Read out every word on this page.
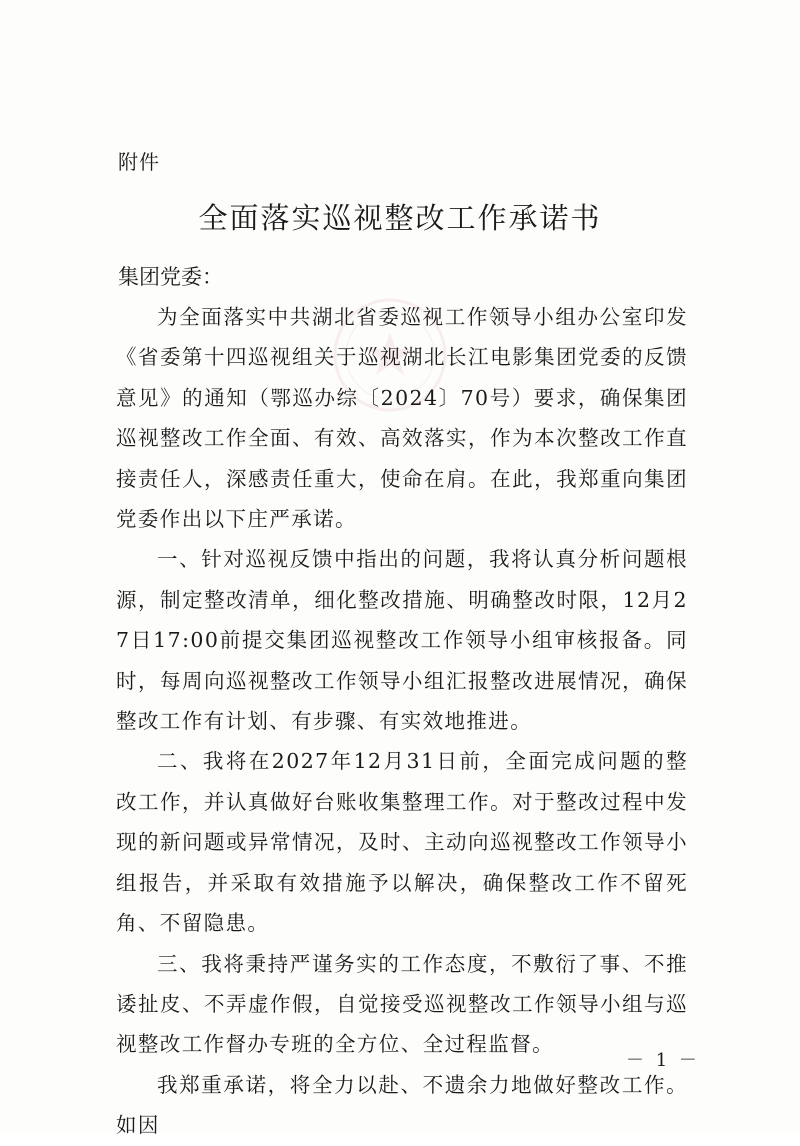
附件
全面落实巡视整改工作承诺书
集团党委：

为全面落实中共湖北省委巡视工作领导小组办公室印发《省委第十四巡视组关于巡视湖北长江电影集团党委的反馈意见》的通知（鄂巡办综〔2024〕70号）要求，确保集团巡视整改工作全面、有效、高效落实，作为本次整改工作直接责任人，深感责任重大，使命在肩。在此，我郑重向集团党委作出以下庄严承诺。

一、针对巡视反馈中指出的问题，我将认真分析问题根源，制定整改清单，细化整改措施、明确整改时限，12月27日17:00前提交集团巡视整改工作领导小组审核报备。同时，每周向巡视整改工作领导小组汇报整改进展情况，确保整改工作有计划、有步骤、有实效地推进。

二、我将在2027年12月31日前，全面完成问题的整改工作，并认真做好台账收集整理工作。对于整改过程中发现的新问题或异常情况，及时、主动向巡视整改工作领导小组报告，并采取有效措施予以解决，确保整改工作不留死角、不留隐患。

三、我将秉持严谨务实的工作态度，不敷衍了事、不推诿扯皮、不弄虚作假，自觉接受巡视整改工作领导小组与巡视整改工作督办专班的全方位、全过程监督。

我郑重承诺，将全力以赴、不遗余力地做好整改工作。如因

－ 1 －
